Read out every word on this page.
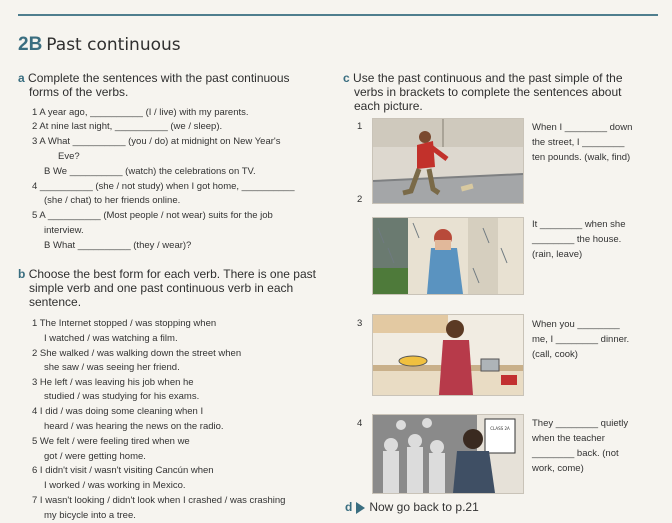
2B Past continuous
a Complete the sentences with the past continuous
forms of the verbs.
1 A year ago, __________ (I / live) with my parents.
2 At nine last night, __________ (we / sleep).
3 A What __________ (you / do) at midnight on New Year's
Eve?
B We __________ (watch) the celebrations on TV.
4 __________ (she / not study) when I got home, __________
(she / chat) to her friends online.
5 A __________ (Most people / not wear) suits for the job
interview.
B What __________ (they / wear)?
b Choose the best form for each verb. There is one past
simple verb and one past continuous verb in each
sentence.
1 The Internet stopped / was stopping when
I watched / was watching a film.
2 She walked / was walking down the street when
she saw / was seeing her friend.
3 He left / was leaving his job when he
studied / was studying for his exams.
4 I did / was doing some cleaning when I
heard / was hearing the news on the radio.
5 We felt / were feeling tired when we
got / were getting home.
6 I didn't visit / wasn't visiting Cancún when
I worked / was working in Mexico.
7 I wasn't looking / didn't look when I crashed / was crashing
my bicycle into a tree.
c Use the past continuous and the past simple of the
verbs in brackets to complete the sentences about
each picture.
1	When I ________ down
the street, I ________
ten pounds. (walk, find)
2
It ________ when she
________ the house.
(rain, leave)
3	When you ________
me, I ________ dinner.
(call, cook)
4	CLASS 2A They ________ quietly
when the teacher
________ back. (not
work, come)
d Now go back to p.21
